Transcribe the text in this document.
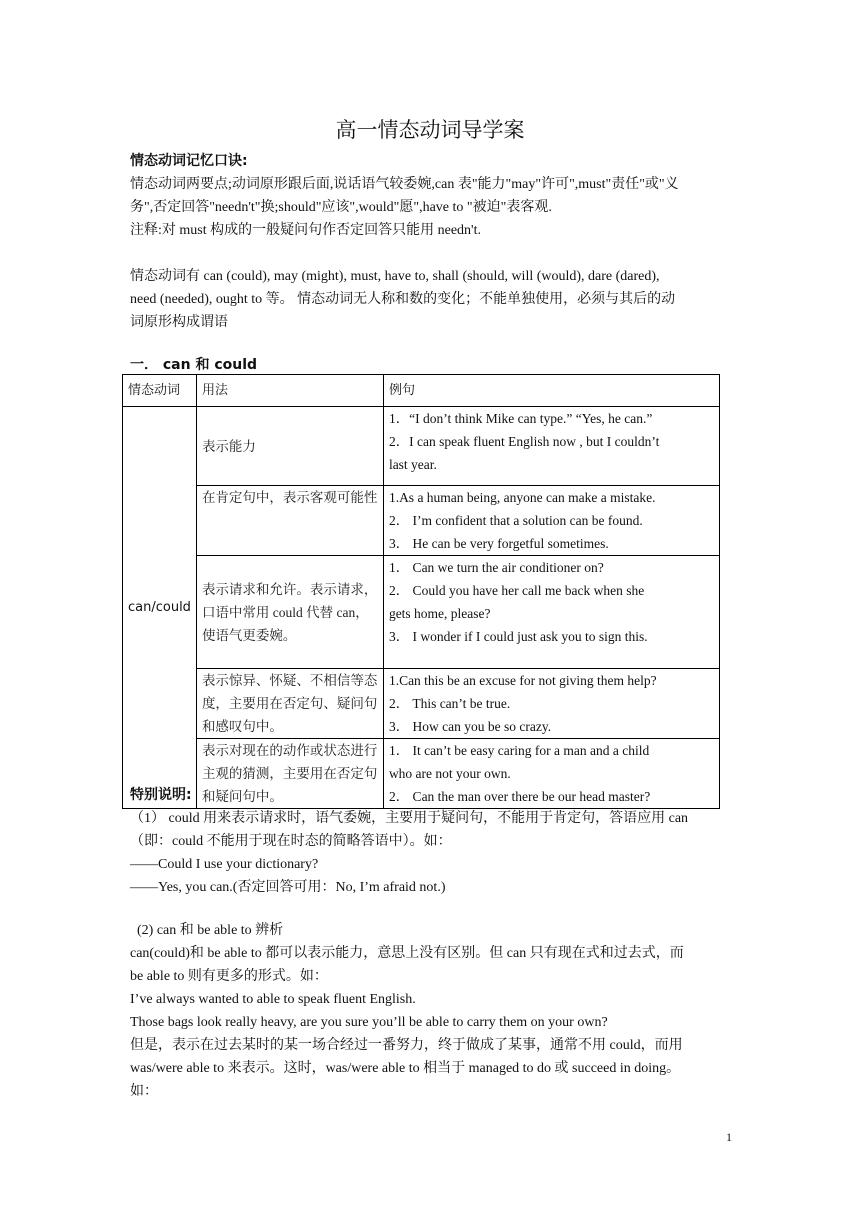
高一情态动词导学案
情态动词记忆口诀:
情态动词两要点;动词原形跟后面,说话语气较委婉,can 表"能力"may"许可",must"责任"或"义
务",否定回答"needn't"换;should"应该",would"愿",have to "被迫"表客观.
注释:对 must 构成的一般疑问句作否定回答只能用 needn't.
情态动词有 can (could), may (might), must, have to, shall (should, will (would), dare (dared),
need (needed), ought to 等。 情态动词无人称和数的变化；不能单独使用，必须与其后的动
词原形构成谓语
一． can 和 could
情态动词	用法	例句
can/could	表示能力	1．“I don’t think Mike can type.” “Yes, he can.”
2．I can speak fluent English now , but I couldn’t
last year.

	在肯定句中，表示客观可能性	1.As a human being, anyone can make a mistake.
2． I’m confident that a solution can be found.
3． He can be very forgetful sometimes.

	表示请求和允许。表示请求，口语中常用 could 代替 can，使语气更委婉。	1． Can we turn the air conditioner on?
2． Could you have her call me back when she
gets home, please?
3． I wonder if I could just ask you to sign this.

	表示惊异、怀疑、不相信等态度，主要用在否定句、疑问句和感叹句中。	1.Can this be an excuse for not giving them help?
2． This can’t be true.
3． How can you be so crazy.

	表示对现在的动作或状态进行主观的猜测，主要用在否定句和疑问句中。	1． It can’t be easy caring for a man and a child
who are not your own.
2． Can the man over there be our head master?
特别说明:
（1） could 用来表示请求时，语气委婉，主要用于疑问句，不能用于肯定句，答语应用 can
（即：could 不能用于现在时态的简略答语中）。如：
——Could I use your dictionary?
——Yes, you can.(否定回答可用：No, I’m afraid not.)
(2) can 和 be able to 辨析
can(could)和 be able to 都可以表示能力，意思上没有区别。但 can 只有现在式和过去式，而
be able to 则有更多的形式。如：
I’ve always wanted to able to speak fluent English.
Those bags look really heavy, are you sure you’ll be able to carry them on your own?
但是，表示在过去某时的某一场合经过一番努力，终于做成了某事，通常不用 could，而用
was/were able to 来表示。这时，was/were able to 相当于 managed to do 或 succeed in doing。
如：
1
